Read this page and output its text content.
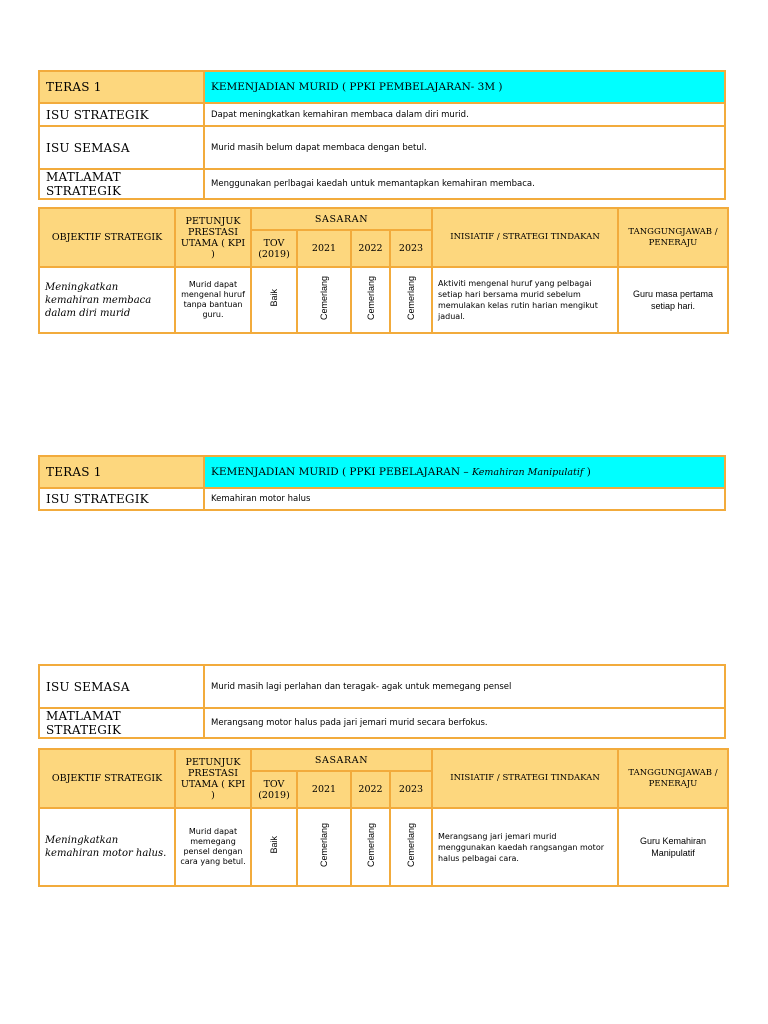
TERAS 1	KEMENJADIAN MURID ( PPKI PEMBELAJARAN- 3M )
ISU STRATEGIK	Dapat meningkatkan kemahiran membaca dalam diri murid.
ISU SEMASA	Murid masih belum dapat membaca dengan betul.
MATLAMAT STRATEGIK	Menggunakan perlbagai kaedah untuk memantapkan kemahiran membaca.
OBJEKTIF STRATEGIK	PETUNJUK PRESTASI UTAMA ( KPI )	SASARAN				INISIATIF / STRATEGI TINDAKAN	TANGGUNGJAWAB / PENERAJU
		TOV (2019)	2021	2022	2023		
Meningkatkan kemahiran membaca dalam diri murid	Murid dapat mengenal huruf tanpa bantuan guru.	Baik	Cemerlang	Cemerlang	Cemerlang	Aktiviti mengenal huruf yang pelbagai setiap hari bersama murid sebelum memulakan kelas rutin harian mengikut jadual.	Guru masa pertama setiap hari.
TERAS 1	KEMENJADIAN MURID ( PPKI PEBELAJARAN – Kemahiran Manipulatif )
ISU STRATEGIK	Kemahiran motor halus
ISU SEMASA	Murid masih lagi perlahan dan teragak- agak untuk memegang pensel
MATLAMAT STRATEGIK	Merangsang motor halus pada jari jemari murid secara berfokus.
OBJEKTIF STRATEGIK	PETUNJUK PRESTASI UTAMA ( KPI )	SASARAN				INISIATIF / STRATEGI TINDAKAN	TANGGUNGJAWAB / PENERAJU
		TOV (2019)	2021	2022	2023		
Meningkatkan kemahiran motor halus.	Murid dapat memegang pensel dengan cara yang betul.	Baik	Cemerlang	Cemerlang	Cemerlang	Merangsang jari jemari murid menggunakan kaedah rangsangan motor halus pelbagai cara.	Guru Kemahiran Manipulatif
